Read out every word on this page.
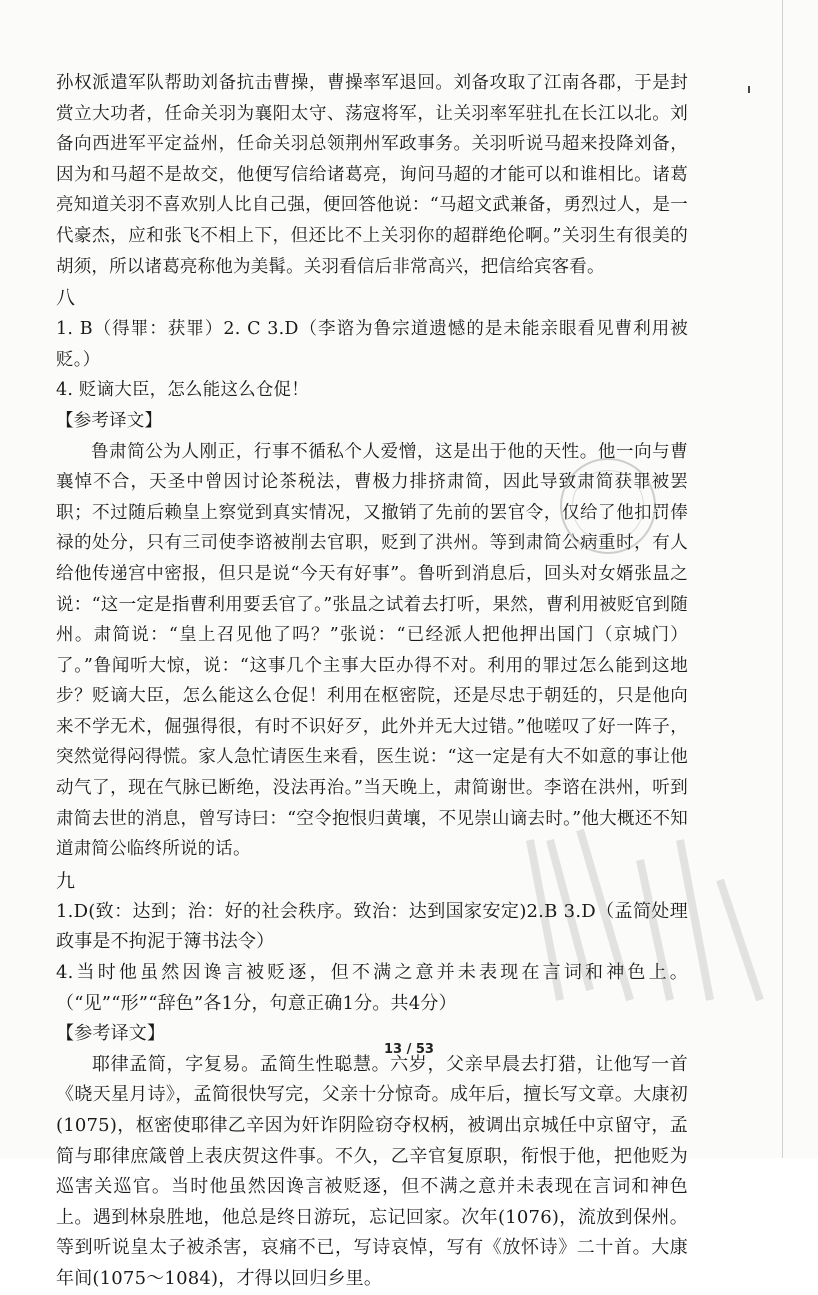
孙权派遣军队帮助刘备抗击曹操，曹操率军退回。刘备攻取了江南各郡，于是封赏立大功者，任命关羽为襄阳太守、荡寇将军，让关羽率军驻扎在长江以北。刘备向西进军平定益州，任命关羽总领荆州军政事务。关羽听说马超来投降刘备，因为和马超不是故交，他便写信给诸葛亮，询问马超的才能可以和谁相比。诸葛亮知道关羽不喜欢别人比自己强，便回答他说：“马超文武兼备，勇烈过人，是一代豪杰，应和张飞不相上下，但还比不上关羽你的超群绝伦啊。”关羽生有很美的胡须，所以诸葛亮称他为美髯。关羽看信后非常高兴，把信给宾客看。

八

1. B（得罪：获罪）2. C 3.D（李谘为鲁宗道遗憾的是未能亲眼看见曹利用被贬。）

4. 贬谪大臣，怎么能这么仓促！

【参考译文】

鲁肃简公为人刚正，行事不循私个人爱憎，这是出于他的天性。他一向与曹襄悼不合，天圣中曾因讨论茶税法，曹极力排挤肃简，因此导致肃简获罪被罢职；不过随后赖皇上察觉到真实情况，又撤销了先前的罢官令，仅给了他扣罚俸禄的处分，只有三司使李谘被削去官职，贬到了洪州。等到肃简公病重时，有人给他传递宫中密报，但只是说“今天有好事”。鲁听到消息后，回头对女婿张昷之说：“这一定是指曹利用要丢官了。”张昷之试着去打听，果然，曹利用被贬官到随州。肃简说：“皇上召见他了吗？”张说：“已经派人把他押出国门（京城门）了。”鲁闻听大惊，说：“这事几个主事大臣办得不对。利用的罪过怎么能到这地步？贬谪大臣，怎么能这么仓促！利用在枢密院，还是尽忠于朝廷的，只是他向来不学无术，倔强得很，有时不识好歹，此外并无大过错。”他嗟叹了好一阵子，突然觉得闷得慌。家人急忙请医生来看，医生说：“这一定是有大不如意的事让他动气了，现在气脉已断绝，没法再治。”当天晚上，肃简谢世。李谘在洪州，听到肃简去世的消息，曾写诗曰：“空令抱恨归黄壤，不见崇山谪去时。”他大概还不知道肃简公临终所说的话。

九

1.D(致：达到；治：好的社会秩序。致治：达到国家安定)2.B 3.D（孟简处理政事是不拘泥于簿书法令）

4.当时他虽然因谗言被贬逐，但不满之意并未表现在言词和神色上。（“见”“形”“辞色”各1分，句意正确1分。共4分）

【参考译文】

耶律孟简，字复易。孟简生性聪慧。六岁，父亲早晨去打猎，让他写一首《晓天星月诗》，孟简很快写完，父亲十分惊奇。成年后，擅长写文章。大康初(1075)，枢密使耶律乙辛因为奸诈阴险窃夺权柄，被调出京城任中京留守，孟简与耶律庶箴曾上表庆贺这件事。不久，乙辛官复原职，衔恨于他，把他贬为巡害关巡官。当时他虽然因谗言被贬逐，但不满之意并未表现在言词和神色上。遇到林泉胜地，他总是终日游玩，忘记回家。次年(1076)，流放到保州。等到听说皇太子被杀害，哀痛不已，写诗哀悼，写有《放怀诗》二十首。大康年间(1075～1084)，才得以回归乡里。

13 / 53
